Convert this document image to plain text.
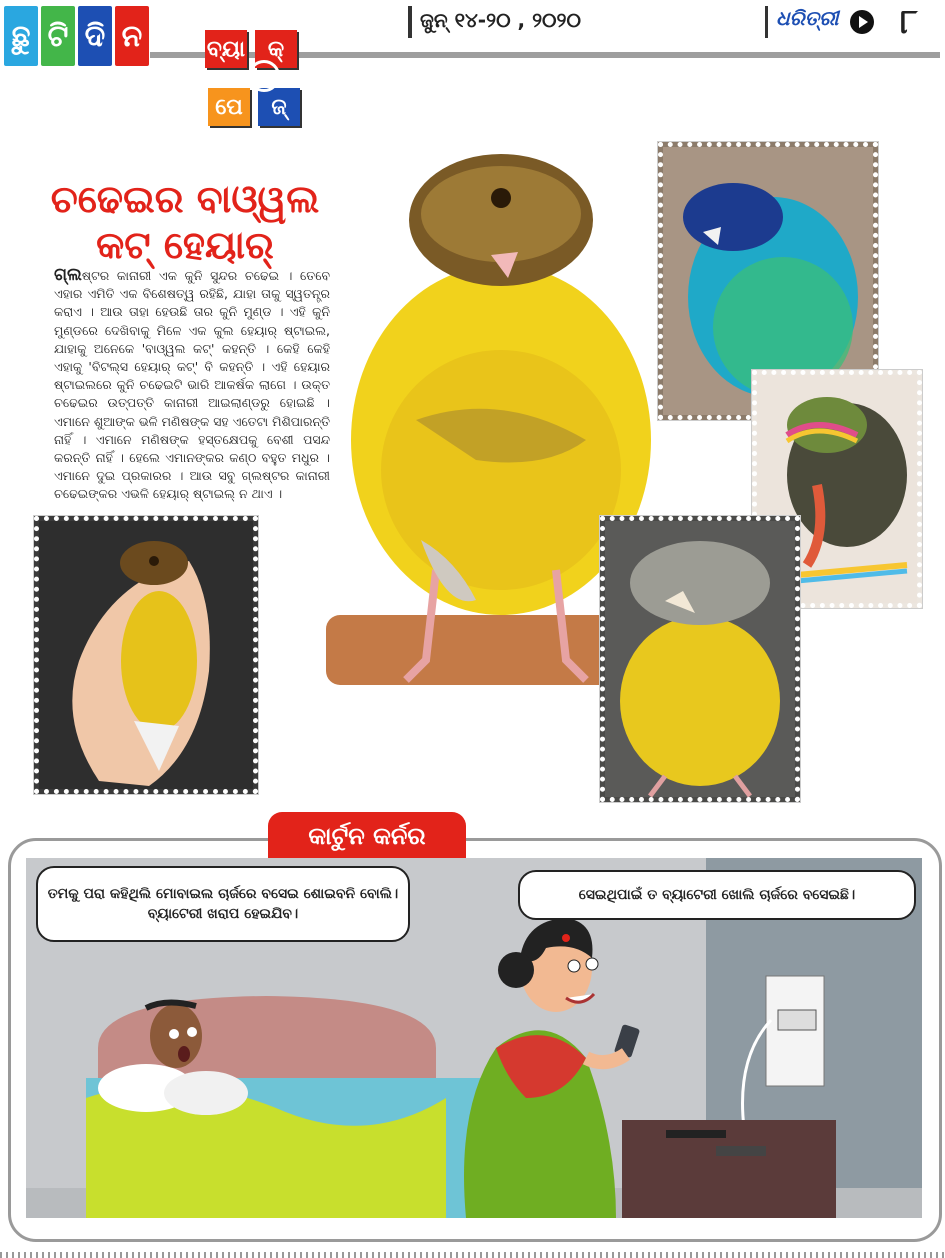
ଛୁ ଟି ଦି ନ	ଜୁନ୍ ୧୪-୨୦ , ୨୦୨୦	ଧରିତ୍ରୀ ୮
ବ୍ୟା	କ୍
ପେ	ଜ୍
ଚଢେଇର ବାଓ୍ୱଲ
କଟ୍ ହେୟାର୍
ଗ୍ଲଷ୍ଟର କାନାରୀ ଏକ କୁନି ସୁନ୍ଦର ଚଢେଇ । ତେବେ ଏହାର ଏମିତି ଏକ ବିଶେଷତ୍ୱ ରହିଛି, ଯାହା ତାକୁ ସ୍ୱତନ୍ତ୍ର କରାଏ । ଆଉ ତାହା ହେଉଛି ତାର କୁନି ମୁଣ୍ଡ । ଏହି କୁନି ମୁଣ୍ଡରେ ଦେଖିବାକୁ ମିଳେ ଏକ କୁଲ ହେୟାର୍ ଷ୍ଟାଇଲ, ଯାହାକୁ ଅନେକେ 'ବାଓ୍ୱଲ କଟ୍' କହନ୍ତି । କେହି କେହି ଏହାକୁ 'ବିଟଲ୍‌ସ ହେୟାର୍ କଟ୍' ବି କହନ୍ତି । ଏହି ହେୟାର ଷ୍ଟାଇଲରେ କୁନି ଚଢେଇଟି ଭାରି ଆକର୍ଷକ ଲାଗେ । ଉକ୍ତ ଚଢେଇର ଉତ୍ପତ୍ତି କାନାରୀ ଆଇଲାଣ୍ଡରୁ ହୋଇଛି । ଏମାନେ ଶୁଆଙ୍କ ଭଳି ମଣିଷଙ୍କ ସହ ଏତେଟା ମିଶିପାରନ୍ତି ନାହିଁ । ଏମାନେ ମଣିଷଙ୍କ ହସ୍ତକ୍ଷେପକୁ ବେଶୀ ପସନ୍ଦ କରନ୍ତି ନାହିଁ । ହେଲେ ଏମାନଙ୍କର କଣ୍ଠ ବହୁତ ମଧୁର । ଏମାନେ ଦୁଇ ପ୍ରକାରର । ଆଉ ସବୁ ଗ୍ଲଷ୍ଟର କାନାରୀ ଚଢେଇଙ୍କର ଏଭଳି ହେୟାର୍ ଷ୍ଟାଇଲ୍ ନ ଥାଏ ।
କାର୍ଟୁନ କର୍ନର
ତମକୁ ପରା କହିଥିଲି ମୋବାଇଲ ଚାର୍ଜରେ ବସେଇ ଶୋଇବନି ବୋଲି। ବ୍ୟାଟେରୀ ଖରାପ ହେଇଯିବ।
ସେଇଥିପାଇଁ ତ ବ୍ୟାଟେରୀ ଖୋଲି ଚାର୍ଜରେ ବସେଇଛି।
